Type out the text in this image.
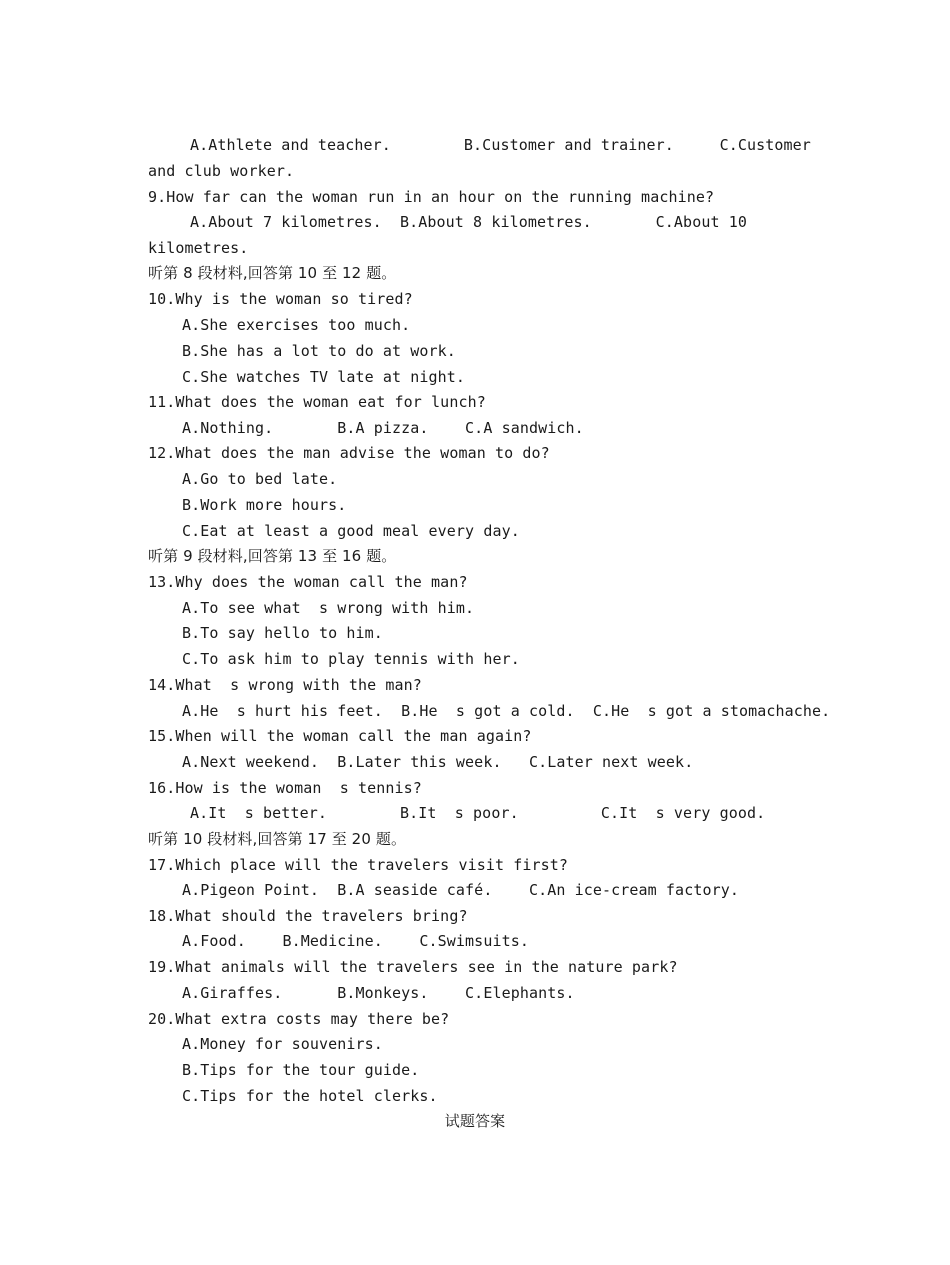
A.Athlete and teacher.        B.Customer and trainer.     C.Customer
and club worker.
9.How far can the woman run in an hour on the running machine?
A.About 7 kilometres.  B.About 8 kilometres.       C.About 10
kilometres.
听第 8 段材料,回答第 10 至 12 题。
10.Why is the woman so tired?
A.She exercises too much.
B.She has a lot to do at work.
C.She watches TV late at night.
11.What does the woman eat for lunch?
A.Nothing.       B.A pizza.    C.A sandwich.
12.What does the man advise the woman to do?
A.Go to bed late.
B.Work more hours.
C.Eat at least a good meal every day.
听第 9 段材料,回答第 13 至 16 题。
13.Why does the woman call the man?
A.To see what  s wrong with him.
B.To say hello to him.
C.To ask him to play tennis with her.
14.What  s wrong with the man?
A.He  s hurt his feet.  B.He  s got a cold.  C.He  s got a stomachache.
15.When will the woman call the man again?
A.Next weekend.  B.Later this week.   C.Later next week.
16.How is the woman  s tennis?
A.It  s better.        B.It  s poor.         C.It  s very good.
听第 10 段材料,回答第 17 至 20 题。
17.Which place will the travelers visit first?
A.Pigeon Point.  B.A seaside café.    C.An ice-cream factory.
18.What should the travelers bring?
A.Food.    B.Medicine.    C.Swimsuits.
19.What animals will the travelers see in the nature park?
A.Giraffes.      B.Monkeys.    C.Elephants.
20.What extra costs may there be?
A.Money for souvenirs.
B.Tips for the tour guide.
C.Tips for the hotel clerks.
试题答案
